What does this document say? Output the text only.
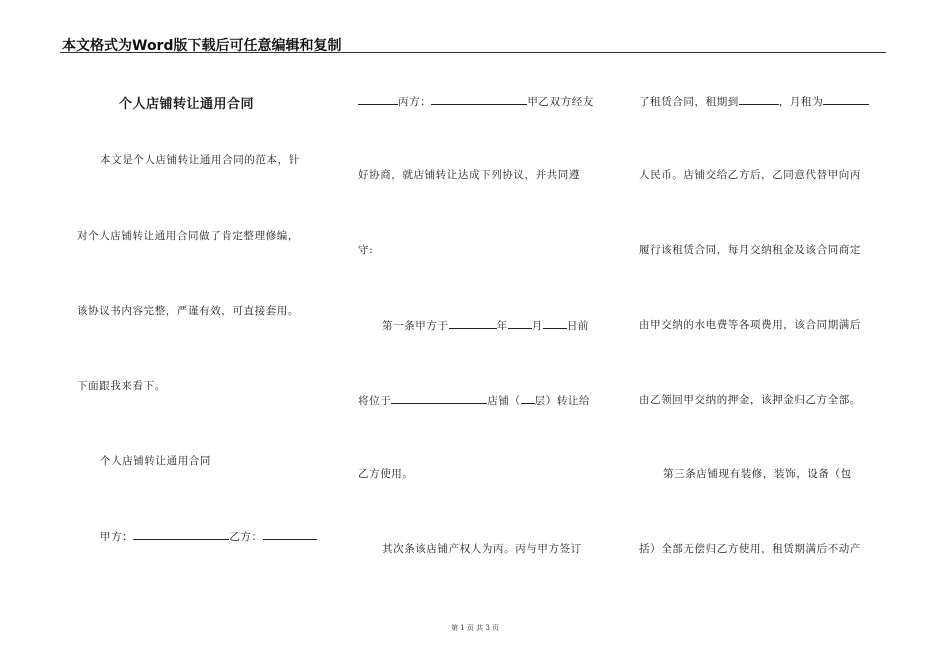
本文格式为Word版下载后可任意编辑和复制
个人店铺转让通用合同
本文是个人店铺转让通用合同的范本，针
对个人店铺转让通用合同做了肯定整理修编，
该协议书内容完整，严谨有效，可直接套用。
下面跟我来看下。
个人店铺转让通用合同
甲方：	乙方：
丙方：	甲乙双方经友
好协商，就店铺转让达成下列协议，并共同遵
守:
第一条甲方于	年 月 日前
将位于	店铺（ 层）转让给
乙方使用。
其次条该店铺产权人为丙。丙与甲方签订
了租赁合同，租期到	，月租为
人民币。店铺交给乙方后，乙同意代替甲向丙
履行该租赁合同，每月交纳租金及该合同商定
由甲交纳的水电费等各项费用，该合同期满后
由乙领回甲交纳的押金，该押金归乙方全部。
第三条店铺现有装修，装饰，设备（包
括）全部无偿归乙方使用，租赁期满后不动产
第 1 页 共 3 页
